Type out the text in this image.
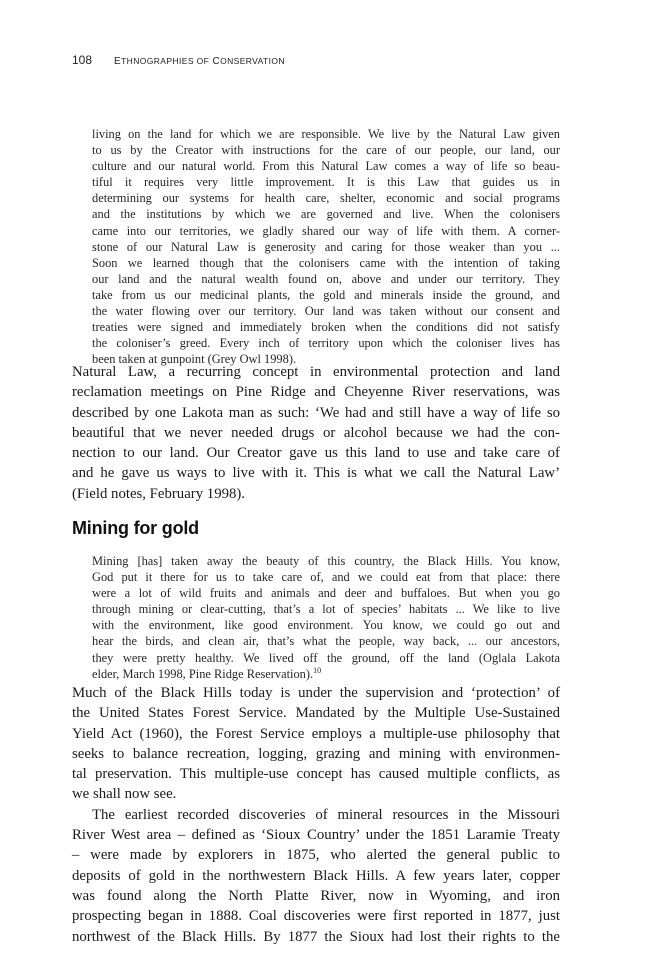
108 ETHNOGRAPHIES OF CONSERVATION
living on the land for which we are responsible. We live by the Natural Law given
to us by the Creator with instructions for the care of our people, our land, our
culture and our natural world. From this Natural Law comes a way of life so beau-
tiful it requires very little improvement. It is this Law that guides us in
determining our systems for health care, shelter, economic and social programs
and the institutions by which we are governed and live. When the colonisers
came into our territories, we gladly shared our way of life with them. A corner-
stone of our Natural Law is generosity and caring for those weaker than you ...
Soon we learned though that the colonisers came with the intention of taking
our land and the natural wealth found on, above and under our territory. They
take from us our medicinal plants, the gold and minerals inside the ground, and
the water flowing over our territory. Our land was taken without our consent and
treaties were signed and immediately broken when the conditions did not satisfy
the coloniser’s greed. Every inch of territory upon which the coloniser lives has
been taken at gunpoint (Grey Owl 1998).
Natural Law, a recurring concept in environmental protection and land
reclamation meetings on Pine Ridge and Cheyenne River reservations, was
described by one Lakota man as such: ‘We had and still have a way of life so
beautiful that we never needed drugs or alcohol because we had the con-
nection to our land. Our Creator gave us this land to use and take care of
and he gave us ways to live with it. This is what we call the Natural Law’
(Field notes, February 1998).
Mining for gold
Mining [has] taken away the beauty of this country, the Black Hills. You know,
God put it there for us to take care of, and we could eat from that place: there
were a lot of wild fruits and animals and deer and buffaloes. But when you go
through mining or clear-cutting, that’s a lot of species’ habitats ... We like to live
with the environment, like good environment. You know, we could go out and
hear the birds, and clean air, that’s what the people, way back, ... our ancestors,
they were pretty healthy. We lived off the ground, off the land (Oglala Lakota
elder, March 1998, Pine Ridge Reservation).$^{10}$
Much of the Black Hills today is under the supervision and ‘protection’ of
the United States Forest Service. Mandated by the Multiple Use-Sustained
Yield Act (1960), the Forest Service employs a multiple-use philosophy that
seeks to balance recreation, logging, grazing and mining with environmen-
tal preservation. This multiple-use concept has caused multiple conflicts, as
we shall now see.
The earliest recorded discoveries of mineral resources in the Missouri
River West area – defined as ‘Sioux Country’ under the 1851 Laramie Treaty
– were made by explorers in 1875, who alerted the general public to
deposits of gold in the northwestern Black Hills. A few years later, copper
was found along the North Platte River, now in Wyoming, and iron
prospecting began in 1888. Coal discoveries were first reported in 1877, just
northwest of the Black Hills. By 1877 the Sioux had lost their rights to the
